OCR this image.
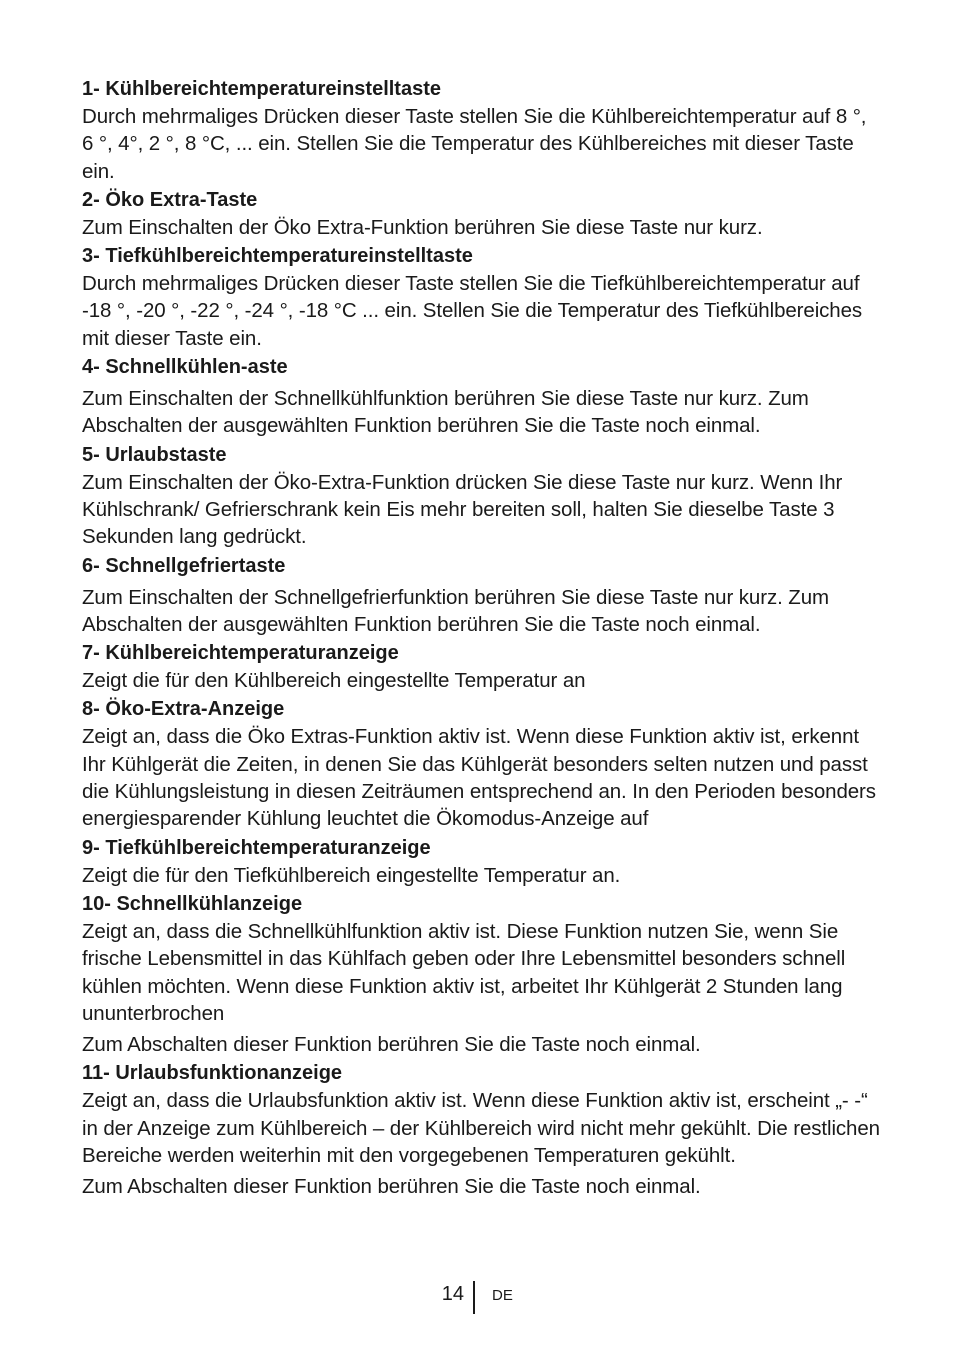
1- Kühlbereichtemperatureinstelltaste

Durch mehrmaliges Drücken dieser Taste stellen Sie die Kühlbereichtemperatur auf 8 °, 6 °, 4°, 2 °, 8 °C, ... ein. Stellen Sie die Temperatur des Kühlbereiches mit dieser Taste ein.

2- Öko Extra-Taste

Zum Einschalten der Öko Extra-Funktion berühren Sie diese Taste nur kurz.

3- Tiefkühlbereichtemperatureinstelltaste

Durch mehrmaliges Drücken dieser Taste stellen Sie die Tiefkühlbereichtemperatur auf -18 °, -20 °, -22 °, -24 °, -18 °C ... ein. Stellen Sie die Temperatur des Tiefkühlbereiches mit dieser Taste ein.

4- Schnellkühlen-aste

Zum Einschalten der Schnellkühlfunktion berühren Sie diese Taste nur kurz. Zum Abschalten der ausgewählten Funktion berühren Sie die Taste noch einmal.

5- Urlaubstaste

Zum Einschalten der Öko-Extra-Funktion drücken Sie diese Taste nur kurz. Wenn Ihr Kühlschrank/ Gefrierschrank kein Eis mehr bereiten soll, halten Sie dieselbe Taste 3 Sekunden lang gedrückt.

6- Schnellgefriertaste

Zum Einschalten der Schnellgefrierfunktion berühren Sie diese Taste nur kurz. Zum Abschalten der ausgewählten Funktion berühren Sie die Taste noch einmal.

7- Kühlbereichtemperaturanzeige

Zeigt die für den Kühlbereich eingestellte Temperatur an

8- Öko-Extra-Anzeige

Zeigt an, dass die Öko Extras-Funktion aktiv ist. Wenn diese Funktion aktiv ist, erkennt Ihr Kühlgerät die Zeiten, in denen Sie das Kühlgerät besonders selten nutzen und passt die Kühlungsleistung in diesen Zeiträumen entsprechend an. In den Perioden besonders energiesparender Kühlung leuchtet die Ökomodus-Anzeige auf

9- Tiefkühlbereichtemperaturanzeige

Zeigt die für den Tiefkühlbereich eingestellte Temperatur an.

10- Schnellkühlanzeige

Zeigt an, dass die Schnellkühlfunktion aktiv ist. Diese Funktion nutzen Sie, wenn Sie frische Lebensmittel in das Kühlfach geben oder Ihre Lebensmittel besonders schnell kühlen möchten. Wenn diese Funktion aktiv ist, arbeitet Ihr Kühlgerät 2 Stunden lang ununterbrochen

Zum Abschalten dieser Funktion berühren Sie die Taste noch einmal.

11- Urlaubsfunktionanzeige

Zeigt an, dass die Urlaubsfunktion aktiv ist. Wenn diese Funktion aktiv ist, erscheint „- -“ in der Anzeige zum Kühlbereich – der Kühlbereich wird nicht mehr gekühlt. Die restlichen Bereiche werden weiterhin mit den vorgegebenen Temperaturen gekühlt.

Zum Abschalten dieser Funktion berühren Sie die Taste noch einmal.

14 DE
